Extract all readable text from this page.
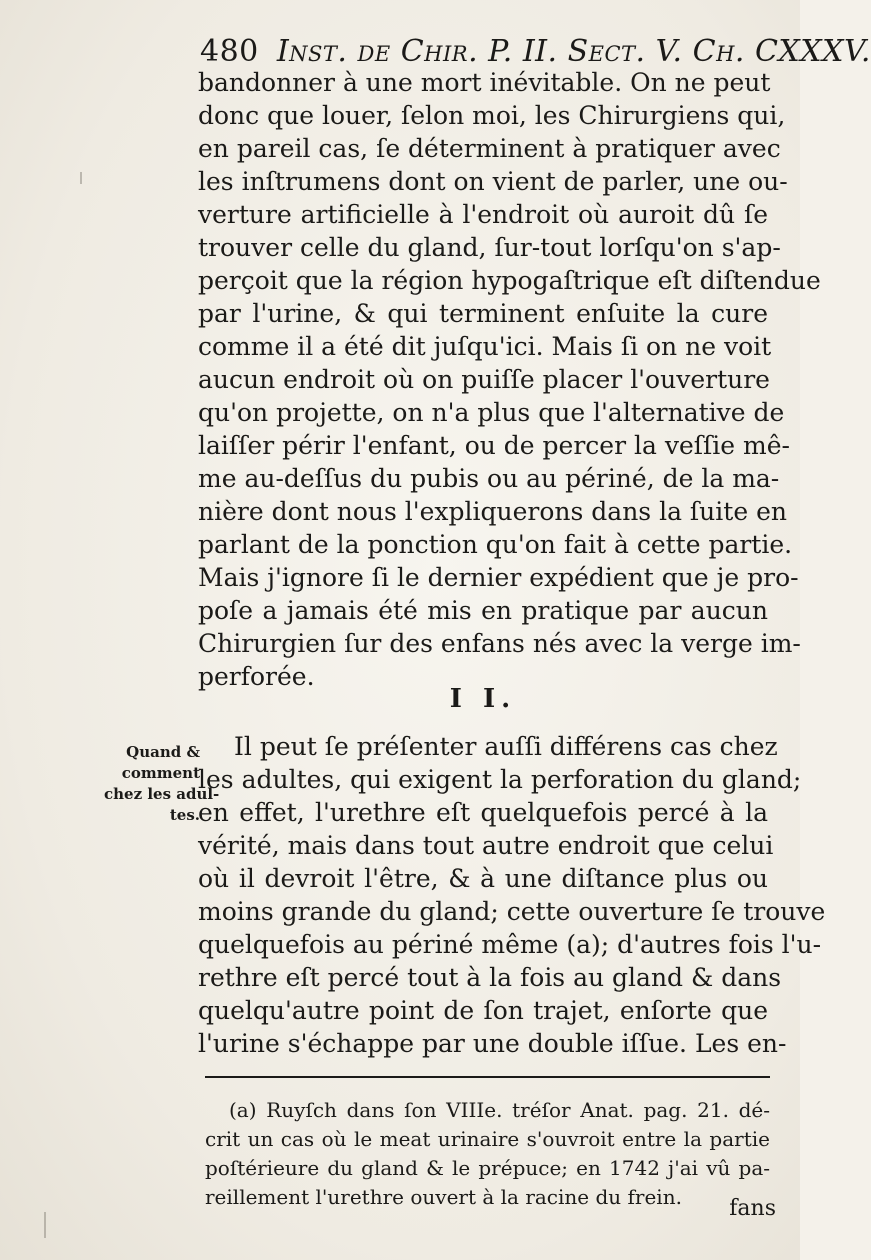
480 Inst. de Chir. P. II. Sect. V. Ch. CXXXV.
bandonner à une mort inévitable. On ne peut
donc que louer, ſelon moi, les Chirurgiens qui,
en pareil cas, ſe déterminent à pratiquer avec
les inſtrumens dont on vient de parler, une ou-
verture artificielle à l'endroit où auroit dû ſe
trouver celle du gland, ſur-tout lorſqu'on s'ap-
perçoit que la région hypogaſtrique eſt diſtendue
par l'urine, & qui terminent enſuite la cure
comme il a été dit juſqu'ici. Mais ſi on ne voit
aucun endroit où on puiſſe placer l'ouverture
qu'on projette, on n'a plus que l'alternative de
laiſſer périr l'enfant, ou de percer la veſſie mê-
me au-deſſus du pubis ou au périné, de la ma-
nière dont nous l'expliquerons dans la ſuite en
parlant de la ponction qu'on fait à cette partie.
Mais j'ignore ſi le dernier expédient que je pro-
poſe a jamais été mis en pratique par aucun
Chirurgien ſur des enfans nés avec la verge im-
perforée.
I I.
Quand &
comment
chez les adul-
tes.
Il peut ſe préſenter auſſi différens cas chez
les adultes, qui exigent la perforation du gland;
en effet, l'urethre eſt quelquefois percé à la
vérité, mais dans tout autre endroit que celui
où il devroit l'être, & à une diſtance plus ou
moins grande du gland; cette ouverture ſe trouve
quelquefois au périné même (a); d'autres fois l'u-
rethre eſt percé tout à la fois au gland & dans
quelqu'autre point de ſon trajet, enſorte que
l'urine s'échappe par une double iſſue. Les en-
(a) Ruyſch dans ſon VIIIe. tréſor Anat. pag. 21. dé-
crit un cas où le meat urinaire s'ouvroit entre la partie
poſtérieure du gland & le prépuce; en 1742 j'ai vû pa-
reillement l'urethre ouvert à la racine du frein.	fans
